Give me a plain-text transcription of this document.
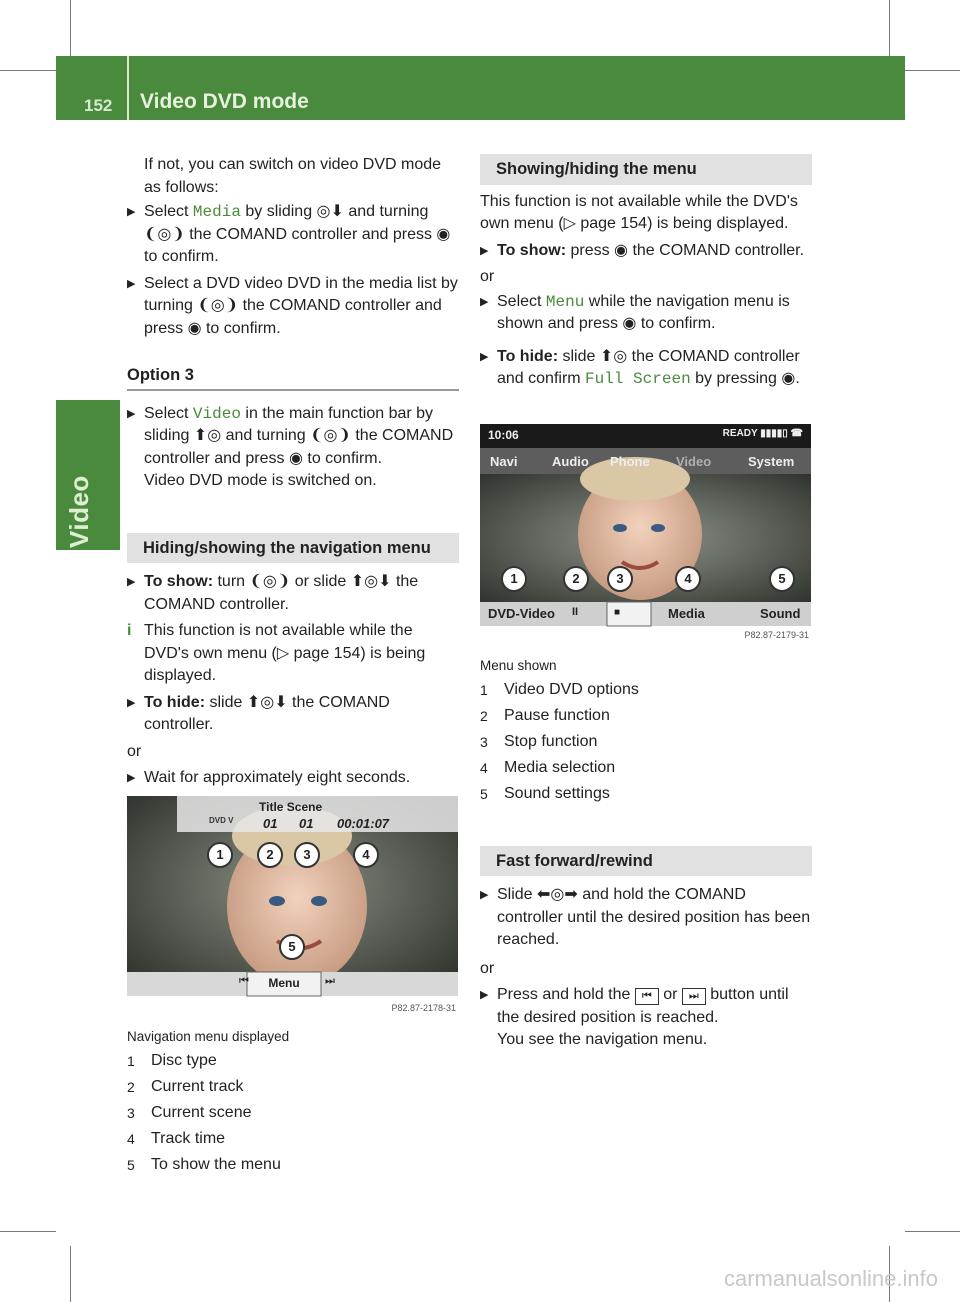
152 Video DVD mode
Video

If not, you can switch on video DVD mode as follows:

▶ Select Media by sliding ◎⬇ and turning ❨◎❩ the COMAND controller and press ◉ to confirm.
▶ Select a DVD video DVD in the media list by turning ❨◎❩ the COMAND controller and press ◉ to confirm.
Option 3
▶ Select Video in the main function bar by sliding ⬆◎ and turning ❨◎❩ the COMAND controller and press ◉ to confirm.

Video DVD mode is switched on.

Hiding/showing the navigation menu
▶ To show: turn ❨◎❩ or slide ⬆◎⬇ the COMAND controller.
i This function is not available while the DVD's own menu (▷ page 154) is being displayed.
▶ To hide: slide ⬆◎⬇ the COMAND controller.

or

▶ Wait for approximately eight seconds.
Title Scene
DVD V 01 01 00:01:07
1	2	3	4
5
⏮	Menu	⏭
P82.87-2178-31
Navigation menu displayed
1	Disc type
2	Current track
3	Current scene
4	Track time
5	To show the menu
Showing/hiding the menu

This function is not available while the DVD's own menu (▷ page 154) is being displayed.

▶ To show: press ◉ the COMAND controller.

or

▶ Select Menu while the navigation menu is shown and press ◉ to confirm.
▶ To hide: slide ⬆◎ the COMAND controller and confirm Full Screen by pressing ◉.
10:06	READY ▮▮▮▮▯ ☎
Navi	Audio Phone Video	System
1	2	3	4	5
DVD-Video II	■	Media	Sound
P82.87-2179-31
Menu shown
1	Video DVD options
2	Pause function
3	Stop function
4	Media selection
5	Sound settings
Fast forward/rewind
▶ Slide ⬅◎➡ and hold the COMAND controller until the desired position has been reached.

or

▶ Press and hold the ⏮ or ⏭ button until the desired position is reached.

You see the navigation menu.

carmanualsonline.info
